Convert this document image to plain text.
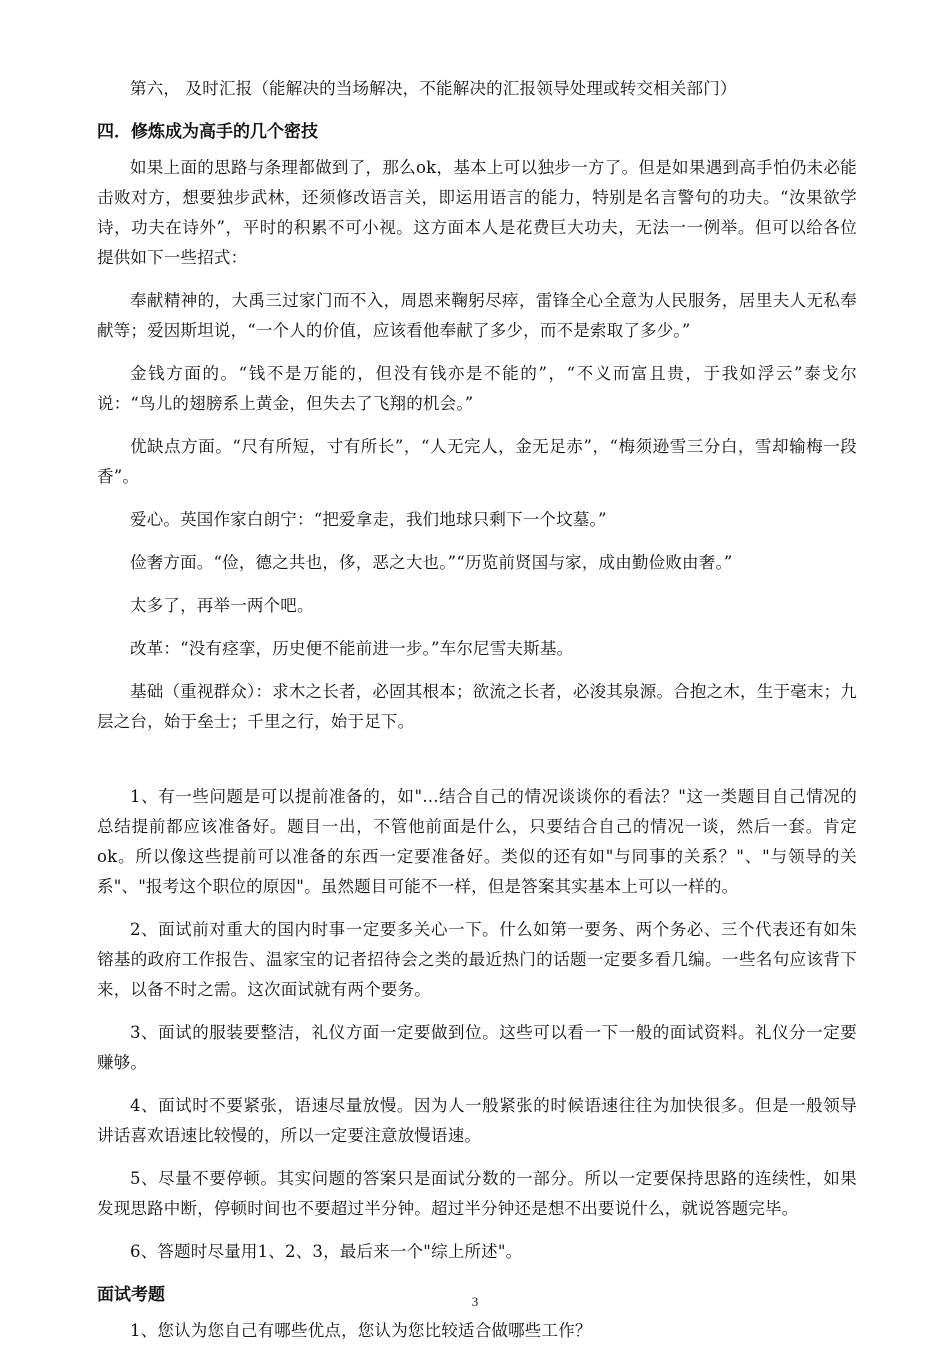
第六， 及时汇报（能解决的当场解决，不能解决的汇报领导处理或转交相关部门）

四．修炼成为高手的几个密技

如果上面的思路与条理都做到了，那么ok，基本上可以独步一方了。但是如果遇到高手怕仍未必能击败对方，想要独步武林，还须修改语言关，即运用语言的能力，特别是名言警句的功夫。“汝果欲学诗，功夫在诗外”，平时的积累不可小视。这方面本人是花费巨大功夫，无法一一例举。但可以给各位提供如下一些招式：

奉献精神的，大禹三过家门而不入，周恩来鞠躬尽瘁，雷锋全心全意为人民服务，居里夫人无私奉献等；爱因斯坦说，“一个人的价值，应该看他奉献了多少，而不是索取了多少。”

金钱方面的。“钱不是万能的，但没有钱亦是不能的”，“不义而富且贵，于我如浮云”泰戈尔说：“鸟儿的翅膀系上黄金，但失去了飞翔的机会。”

优缺点方面。“尺有所短，寸有所长”，“人无完人，金无足赤”，“梅须逊雪三分白，雪却输梅一段香”。

爱心。英国作家白朗宁：“把爱拿走，我们地球只剩下一个坟墓。”

俭奢方面。“俭，德之共也，侈，恶之大也。”“历览前贤国与家，成由勤俭败由奢。”

太多了，再举一两个吧。

改革：“没有痉挛，历史便不能前进一步。”车尔尼雪夫斯基。

基础（重视群众）：求木之长者，必固其根本；欲流之长者，必浚其泉源。合抱之木，生于毫末；九层之台，始于垒士；千里之行，始于足下。

1、有一些问题是可以提前准备的，如"...结合自己的情况谈谈你的看法？"这一类题目自己情况的总结提前都应该准备好。题目一出，不管他前面是什么，只要结合自己的情况一谈，然后一套。肯定ok。所以像这些提前可以准备的东西一定要准备好。类似的还有如"与同事的关系？"、"与领导的关系"、"报考这个职位的原因"。虽然题目可能不一样，但是答案其实基本上可以一样的。

2、面试前对重大的国内时事一定要多关心一下。什么如第一要务、两个务必、三个代表还有如朱镕基的政府工作报告、温家宝的记者招待会之类的最近热门的话题一定要多看几编。一些名句应该背下来，以备不时之需。这次面试就有两个要务。

3、面试的服装要整洁，礼仪方面一定要做到位。这些可以看一下一般的面试资料。礼仪分一定要赚够。

4、面试时不要紧张，语速尽量放慢。因为人一般紧张的时候语速往往为加快很多。但是一般领导讲话喜欢语速比较慢的，所以一定要注意放慢语速。

5、尽量不要停顿。其实问题的答案只是面试分数的一部分。所以一定要保持思路的连续性，如果发现思路中断，停顿时间也不要超过半分钟。超过半分钟还是想不出要说什么，就说答题完毕。

6、答题时尽量用1、2、3，最后来一个"综上所述"。

面试考题

1、您认为您自己有哪些优点，您认为您比较适合做哪些工作？

3
